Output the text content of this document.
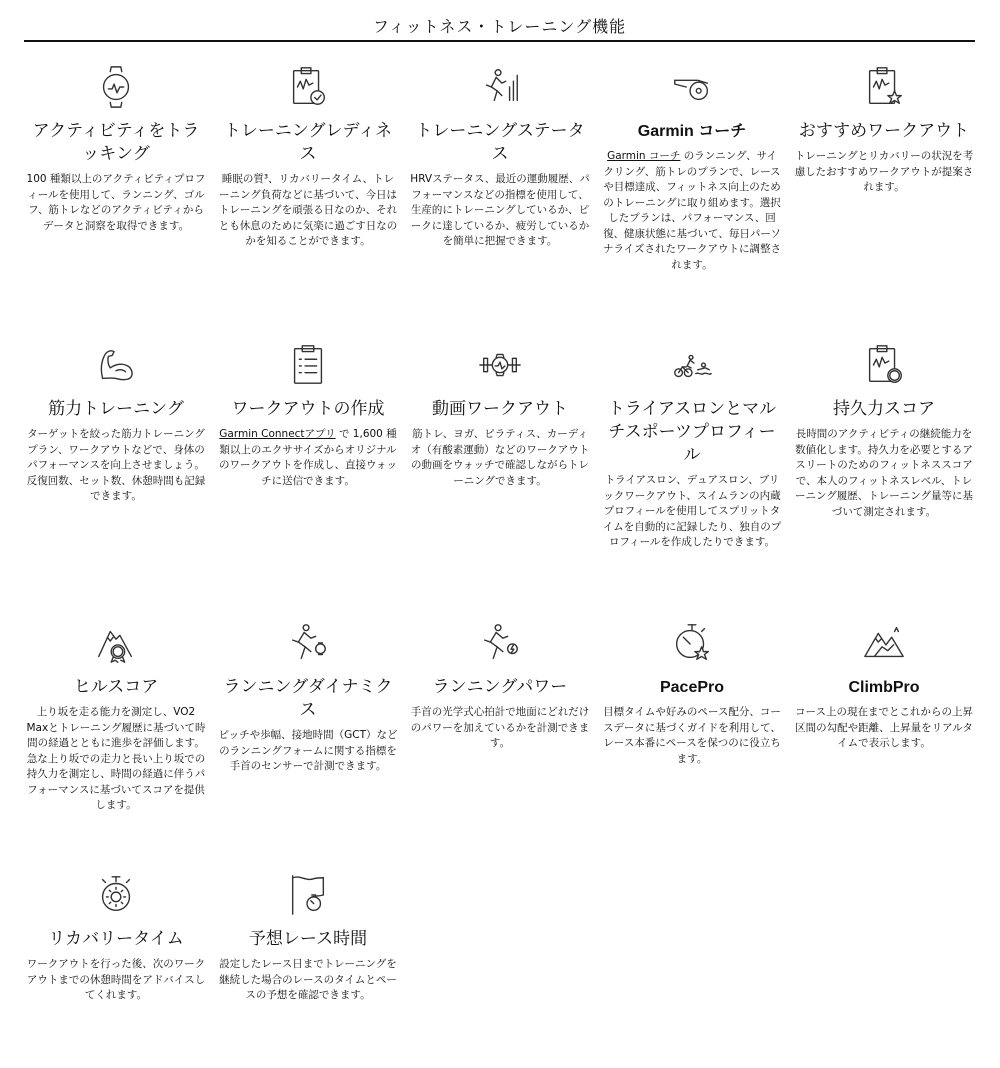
フィットネス・トレーニング機能
アクティビティをトラッキング
100 種類以上のアクティビティプロフィールを使用して、ランニング、ゴルフ、筋トレなどのアクティビティからデータと洞察を取得できます。
トレーニングレディネス
睡眠の質³、リカバリータイム、トレーニング負荷などに基づいて、今日はトレーニングを頑張る日なのか、それとも休息のために気楽に過ごす日なのかを知ることができます。
トレーニングステータス
HRVステータス、最近の運動履歴、パフォーマンスなどの指標を使用して、生産的にトレーニングしているか、ピークに達しているか、疲労しているかを簡単に把握できます。
Garmin コーチ
Garmin コーチ のランニング、サイクリング、筋トレのプランで、レースや目標達成、フィットネス向上のためのトレーニングに取り組めます。選択したプランは、パフォーマンス、回復、健康状態に基づいて、毎日パーソナライズされたワークアウトに調整されます。
おすすめワークアウト
トレーニングとリカバリーの状況を考慮したおすすめワークアウトが提案されます。
筋力トレーニング
ターゲットを絞った筋力トレーニングプラン、ワークアウトなどで、身体のパフォーマンスを向上させましょう。反復回数、セット数、休憩時間も記録できます。
ワークアウトの作成
Garmin Connectアプリ で 1,600 種類以上のエクササイズからオリジナルのワークアウトを作成し、直接ウォッチに送信できます。
動画ワークアウト
筋トレ、ヨガ、ピラティス、カーディオ（有酸素運動）などのワークアウトの動画をウォッチで確認しながらトレーニングできます。
トライアスロンとマルチスポーツプロフィール
トライアスロン、デュアスロン、ブリックワークアウト、スイムランの内蔵プロフィールを使用してスプリットタイムを自動的に記録したり、独自のプロフィールを作成したりできます。
持久力スコア
長時間のアクティビティの継続能力を数値化します。持久力を必要とするアスリートのためのフィットネススコアで、本人のフィットネスレベル、トレーニング履歴、トレーニング量等に基づいて測定されます。
ヒルスコア
上り坂を走る能力を測定し、VO2 Maxとトレーニング履歴に基づいて時間の経過とともに進歩を評価します。 急な上り坂での走力と長い上り坂での持久力を測定し、時間の経過に伴うパフォーマンスに基づいてスコアを提供します。
ランニングダイナミクス
ピッチや歩幅、接地時間（GCT）などのランニングフォームに関する指標を手首のセンサーで計測できます。
ランニングパワー
手首の光学式心拍計で地面にどれだけのパワーを加えているかを計測できます。
PacePro
目標タイムや好みのペース配分、コースデータに基づくガイドを利用して、レース本番にペースを保つのに役立ちます。
ClimbPro
コース上の現在までとこれからの上昇区間の勾配や距離、上昇量をリアルタイムで表示します。
リカバリータイム
ワークアウトを行った後、次のワークアウトまでの休憩時間をアドバイスしてくれます。
予想レース時間
設定したレース日までトレーニングを継続した場合のレースのタイムとペースの予想を確認できます。
